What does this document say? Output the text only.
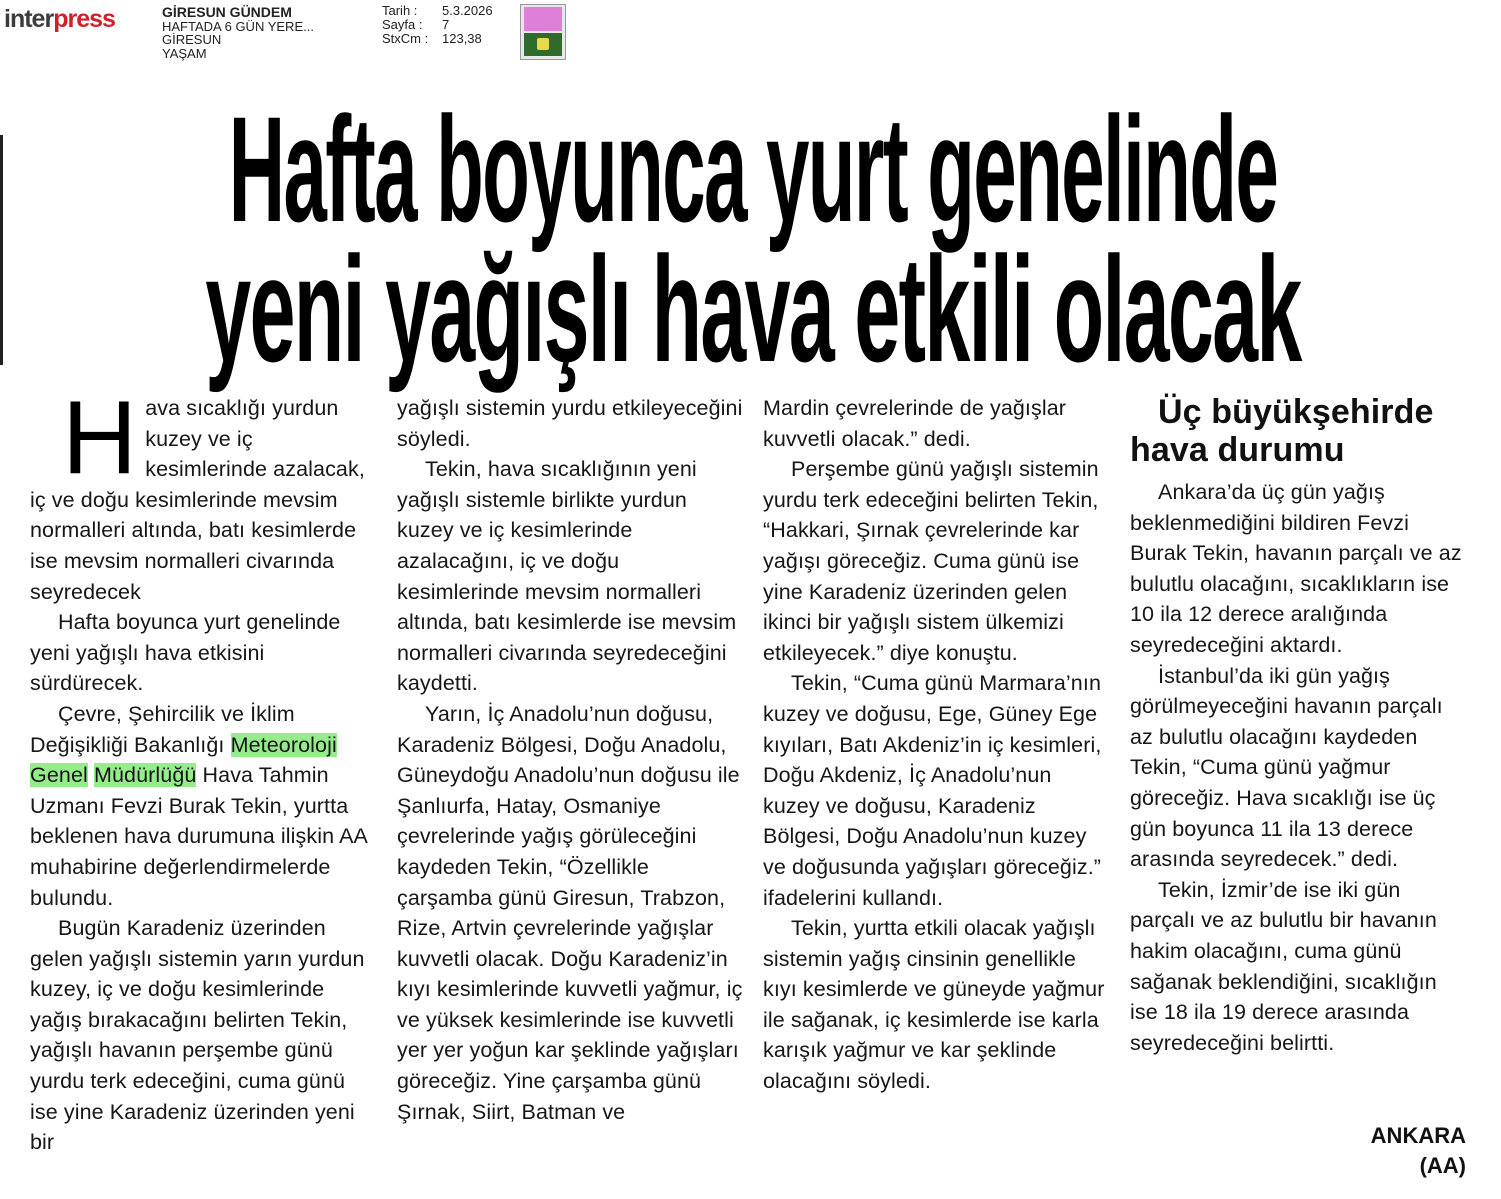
interpress	GİRESUN GÜNDEM
HAFTADA 6 GÜN YERE...
GİRESUN
YAŞAM
Tarih :	5.3.2026
Sayfa :	7
StxCm :	123,38
Hafta boyunca yurt genelinde
yeni yağışlı hava etkili olacak

Hava sıcaklığı yurdun kuzey ve iç kesimlerinde azalacak, iç ve doğu kesimlerinde mevsim normalleri altında, batı kesimlerde ise mevsim normalleri civarında seyredecek

Hafta boyunca yurt genelinde yeni yağışlı hava etkisini sürdürecek.

Çevre, Şehircilik ve İklim Değişikliği Bakanlığı Meteoroloji Genel Müdürlüğü Hava Tahmin Uzmanı Fevzi Burak Tekin, yurtta beklenen hava durumuna ilişkin AA muhabirine değerlendirmelerde bulundu.

Bugün Karadeniz üzerinden gelen yağışlı sistemin yarın yurdun kuzey, iç ve doğu kesimlerinde yağış bırakacağını belirten Tekin, yağışlı havanın perşembe günü yurdu terk edeceğini, cuma günü ise yine Karadeniz üzerinden yeni bir

yağışlı sistemin yurdu etkileyeceğini söyledi.

Tekin, hava sıcaklığının yeni yağışlı sistemle birlikte yurdun kuzey ve iç kesimlerinde azalacağını, iç ve doğu kesimlerinde mevsim normalleri altında, batı kesimlerde ise mevsim normalleri civarında seyredeceğini kaydetti.

Yarın, İç Anadolu’nun doğusu, Karadeniz Bölgesi, Doğu Anadolu, Güneydoğu Anadolu’nun doğusu ile Şanlıurfa, Hatay, Osmaniye çevrelerinde yağış görüleceğini kaydeden Tekin, “Özellikle çarşamba günü Giresun, Trabzon, Rize, Artvin çevrelerinde yağışlar kuvvetli olacak. Doğu Karadeniz’in kıyı kesimlerinde kuvvetli yağmur, iç ve yüksek kesimlerinde ise kuvvetli yer yer yoğun kar şeklinde yağışları göreceğiz. Yine çarşamba günü Şırnak, Siirt, Batman ve

Mardin çevrelerinde de yağışlar kuvvetli olacak.” dedi.

Perşembe günü yağışlı sistemin yurdu terk edeceğini belirten Tekin, “Hakkari, Şırnak çevrelerinde kar yağışı göreceğiz. Cuma günü ise yine Karadeniz üzerinden gelen ikinci bir yağışlı sistem ülkemizi etkileyecek.” diye konuştu.

Tekin, “Cuma günü Marmara’nın kuzey ve doğusu, Ege, Güney Ege kıyıları, Batı Akdeniz’in iç kesimleri, Doğu Akdeniz, İç Anadolu’nun kuzey ve doğusu, Karadeniz Bölgesi, Doğu Anadolu’nun kuzey ve doğusunda yağışları göreceğiz.” ifadelerini kullandı.

Tekin, yurtta etkili olacak yağışlı sistemin yağış cinsinin genellikle kıyı kesimlerde ve güneyde yağmur ile sağanak, iç kesimlerde ise karla karışık yağmur ve kar şeklinde olacağını söyledi.

Üç büyükşehirde
hava durumu

Ankara’da üç gün yağış beklenmediğini bildiren Fevzi Burak Tekin, havanın parçalı ve az bulutlu olacağını, sıcaklıkların ise 10 ila 12 derece aralığında seyredeceğini aktardı.

İstanbul’da iki gün yağış görülmeyeceğini havanın parçalı az bulutlu olacağını kaydeden Tekin, “Cuma günü yağmur göreceğiz. Hava sıcaklığı ise üç gün boyunca 11 ila 13 derece arasında seyredecek.” dedi.

Tekin, İzmir’de ise iki gün parçalı ve az bulutlu bir havanın hakim olacağını, cuma günü sağanak beklendiğini, sıcaklığın ise 18 ila 19 derece arasında seyredeceğini belirtti.

ANKARA
(AA)
